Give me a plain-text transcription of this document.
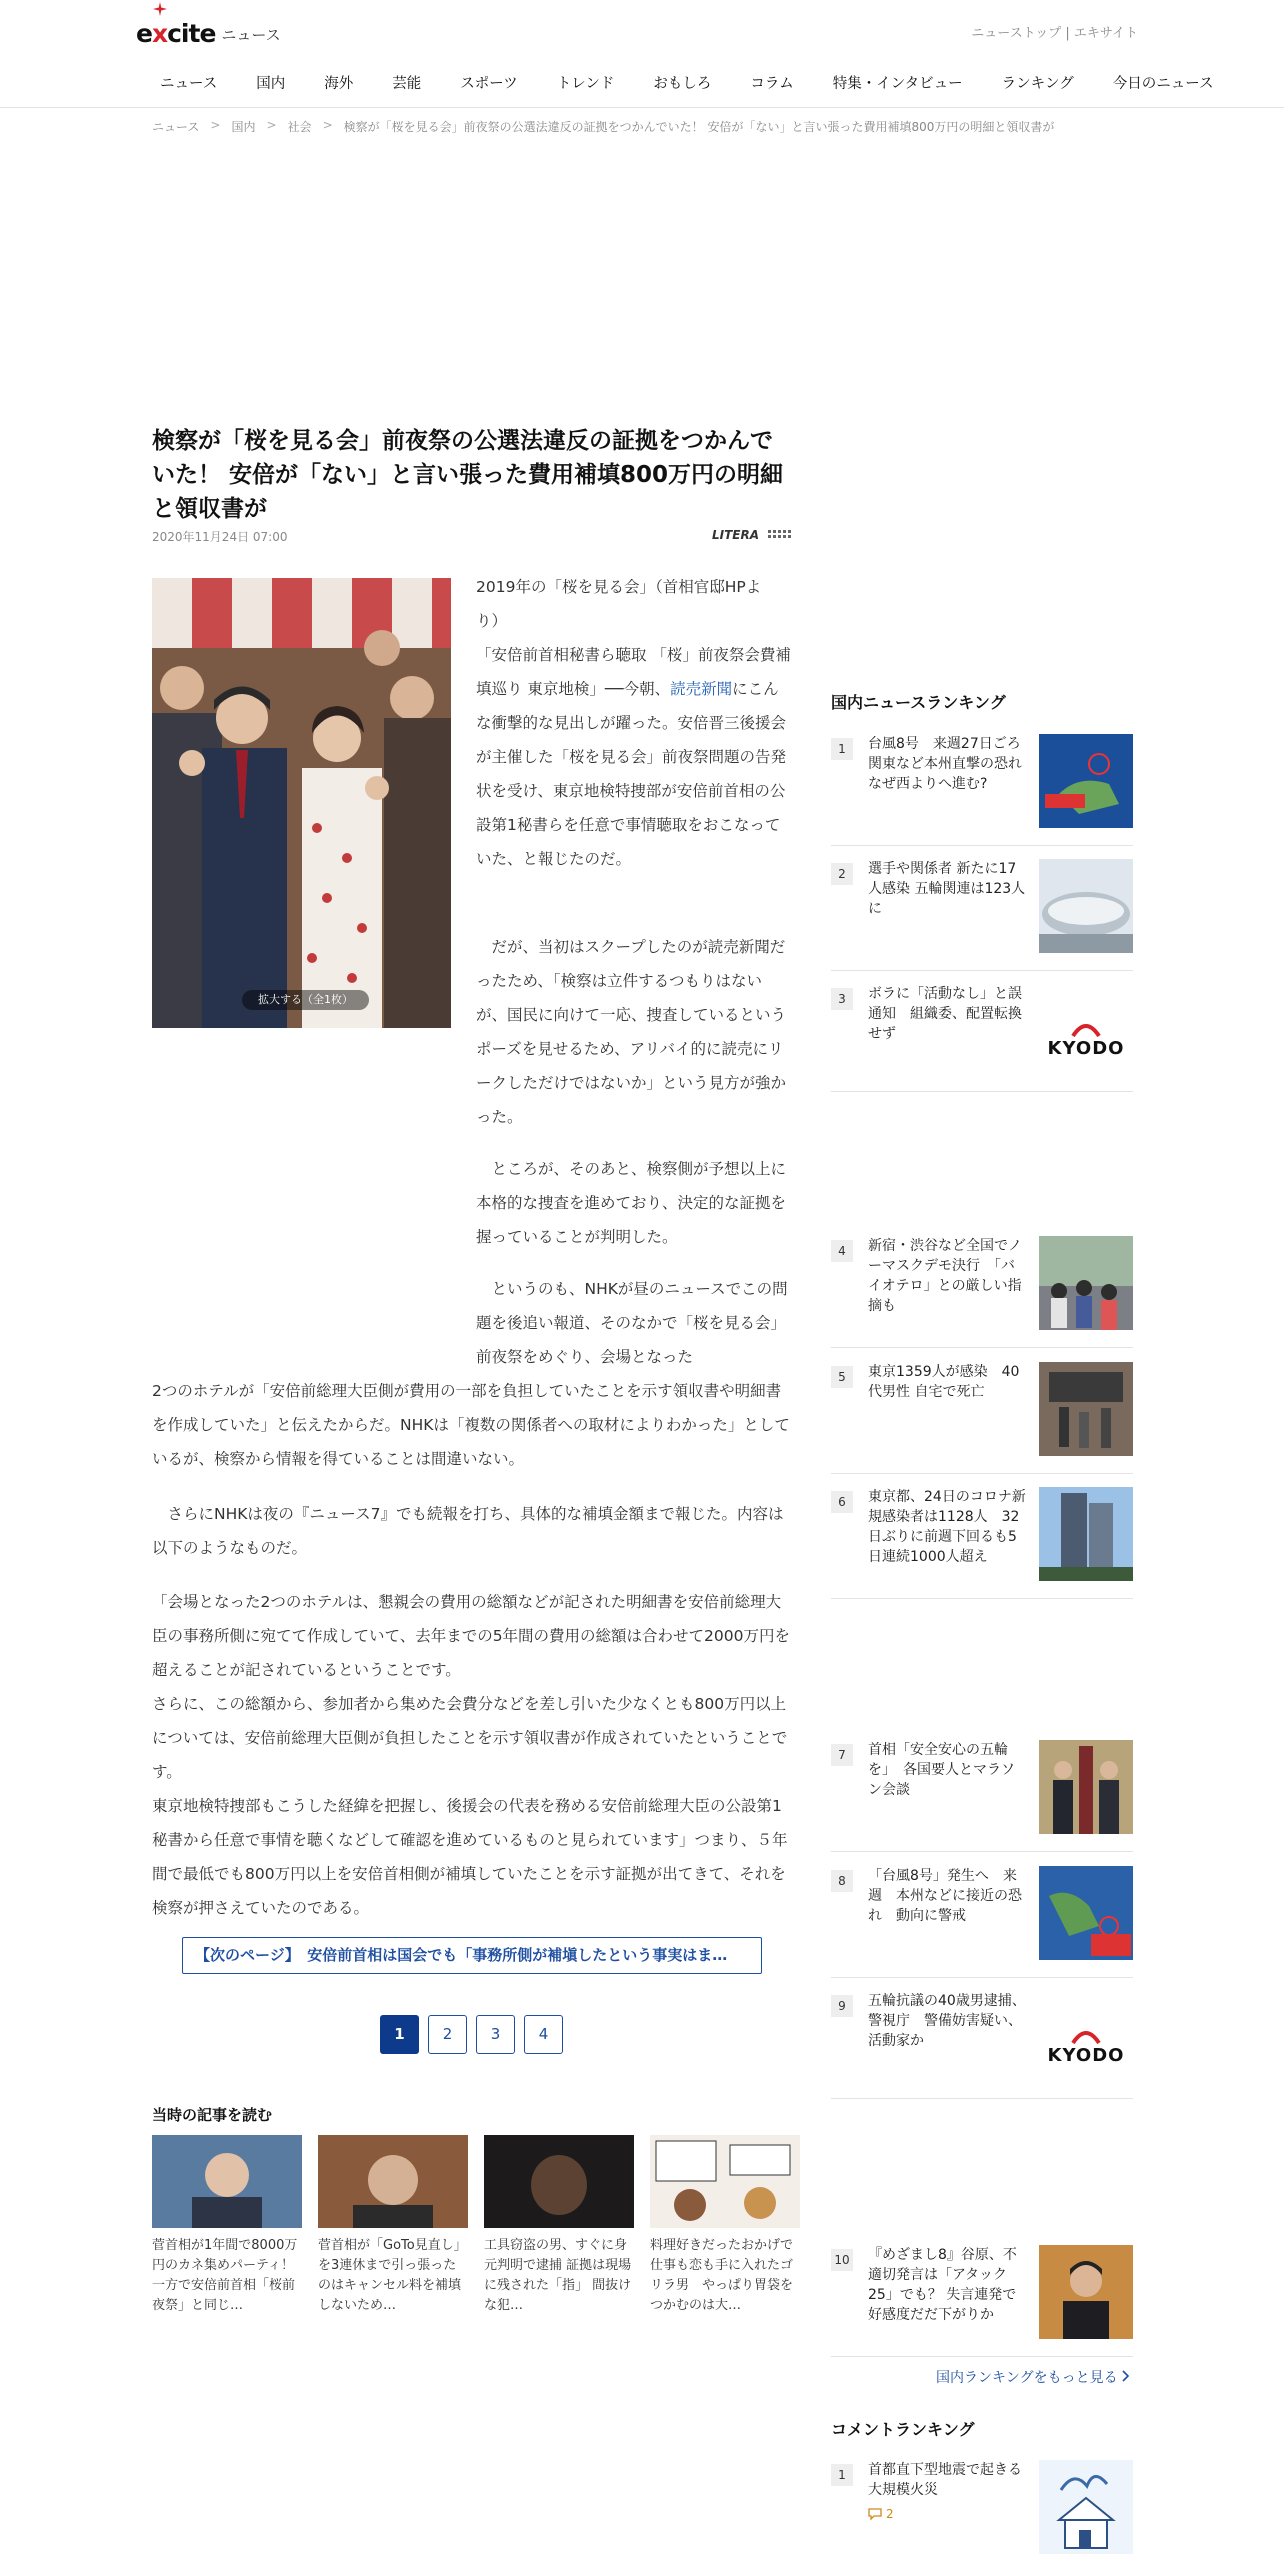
excite ニュース	ニューストップ | エキサイト
ニュース	国内	海外	芸能	スポーツ	トレンド	おもしろ	コラム	特集・インタビュー	ランキング	今日のニュース
ニュース > 国内 > 社会 > 検察が「桜を見る会」前夜祭の公選法違反の証拠をつかんでいた！ 安倍が「ない」と言い張った費用補填800万円の明細と領収書が
検察が「桜を見る会」前夜祭の公選法違反の証拠をつかんでいた！ 安倍が「ない」と言い張った費用補填800万円の明細と領収書が
2020年11月24日 07:00	LITERA
拡大する（全1枚）
2019年の「桜を見る会」（首相官邸HPより）
「安倍前首相秘書ら聴取 「桜」前夜祭会費補填巡り 東京地検」──今朝、読売新聞にこんな衝撃的な見出しが躍った。安倍晋三後援会が主催した「桜を見る会」前夜祭問題の告発状を受け、東京地検特捜部が安倍前首相の公設第1秘書らを任意で事情聴取をおこなっていた、と報じたのだ。
　だが、当初はスクープしたのが読売新聞だったため、「検察は立件するつもりはないが、国民に向けて一応、捜査しているというポーズを見せるため、アリバイ的に読売にリークしただけではないか」という見方が強かった。
　ところが、そのあと、検察側が予想以上に本格的な捜査を進めており、決定的な証拠を握っていることが判明した。
　というのも、NHKが昼のニュースでこの問題を後追い報道、そのなかで「桜を見る会」前夜祭をめぐり、会場となった
2つのホテルが「安倍前総理大臣側が費用の一部を負担していたことを示す領収書や明細書を作成していた」と伝えたからだ。NHKは「複数の関係者への取材によりわかった」としているが、検察から情報を得ていることは間違いない。
　さらにNHKは夜の『ニュース7』でも続報を打ち、具体的な補填金額まで報じた。内容は以下のようなものだ。
「会場となった2つのホテルは、懇親会の費用の総額などが記された明細書を安倍前総理大臣の事務所側に宛てて作成していて、去年までの5年間の費用の総額は合わせて2000万円を超えることが記されているということです。
さらに、この総額から、参加者から集めた会費分などを差し引いた少なくとも800万円以上については、安倍前総理大臣側が負担したことを示す領収書が作成されていたということです。
東京地検特捜部もこうした経緯を把握し、後援会の代表を務める安倍前総理大臣の公設第1秘書から任意で事情を聴くなどして確認を進めているものと見られています」つまり、５年間で最低でも800万円以上を安倍首相側が補填していたことを示す証拠が出てきて、それを検察が押さえていたのである。
【次のページ】　安倍前首相は国会でも「事務所側が補塡したという事実はま…
1	2	3	4
当時の記事を読む
菅首相が1年間で8000万円のカネ集めパーティ！ 一方で安倍前首相「桜前夜祭」と同じ…
菅首相が「GoTo見直し」を3連休まで引っ張ったのはキャンセル料を補填しないため…
工具窃盗の男、すぐに身元判明で逮捕 証拠は現場に残された「指」 間抜けな犯…
料理好きだったおかげで仕事も恋も手に入れたゴリラ男　やっぱり胃袋をつかむのは大…
国内ニュースランキング
1	台風8号　来週27日ごろ　関東など本州直撃の恐れ　なぜ西よりへ進む?
2	選手や関係者 新たに17人感染 五輪関連は123人に
3	ボラに「活動なし」と誤通知　組織委、配置転換せず
KYODO
4	新宿・渋谷など全国でノーマスクデモ決行　「バイオテロ」との厳しい指摘も
5	東京1359人が感染　40代男性 自宅で死亡
6	東京都、24日のコロナ新規感染者は1128人　32日ぶりに前週下回るも5日連続1000人超え
7	首相「安全安心の五輪を」　各国要人とマラソン会談
8	「台風8号」発生へ　来週　本州などに接近の恐れ　動向に警戒
9	五輪抗議の40歳男逮捕、警視庁　警備妨害疑い、活動家か
KYODO
10 『めざまし8』谷原、不適切発言は「アタック25」でも？ 失言連発で好感度だだ下がりか
国内ランキングをもっと見る
コメントランキング
1	首都直下型地震で起きる大規模火災
2
